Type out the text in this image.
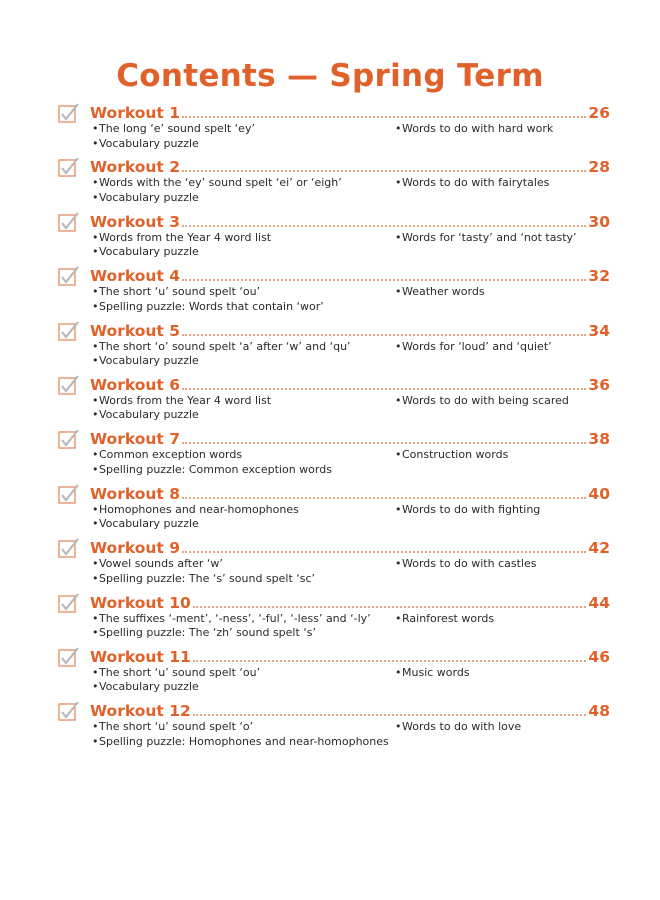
Contents — Spring Term
Workout 1	26
•The long ‘e’ sound spelt ‘ey’
•Vocabulary puzzle
•Words to do with hard work
Workout 2	28
•Words with the ‘ey’ sound spelt ‘ei’ or ‘eigh’
•Vocabulary puzzle
•Words to do with fairytales
Workout 3	30
•Words from the Year 4 word list
•Vocabulary puzzle
•Words for ‘tasty’ and ‘not tasty’
Workout 4	32
•The short ‘u’ sound spelt ‘ou’
•Spelling puzzle: Words that contain ‘wor’
•Weather words
Workout 5	34
•The short ‘o’ sound spelt ‘a’ after ‘w’ and ‘qu’
•Vocabulary puzzle
•Words for ‘loud’ and ‘quiet’
Workout 6	36
•Words from the Year 4 word list
•Vocabulary puzzle
•Words to do with being scared
Workout 7	38
•Common exception words
•Spelling puzzle: Common exception words
•Construction words
Workout 8	40
•Homophones and near-homophones
•Vocabulary puzzle
•Words to do with fighting
Workout 9	42
•Vowel sounds after ‘w’
•Spelling puzzle: The ‘s’ sound spelt ‘sc’
•Words to do with castles
Workout 10	44
•The suffixes ‘-ment’, ‘-ness’, ‘-ful’, ‘-less’ and ‘-ly’
•Spelling puzzle: The ‘zh’ sound spelt ‘s’
•Rainforest words
Workout 11	46
•The short ‘u’ sound spelt ‘ou’
•Vocabulary puzzle
•Music words
Workout 12	48
•The short ‘u’ sound spelt ‘o’
•Spelling puzzle: Homophones and near-homophones
•Words to do with love
